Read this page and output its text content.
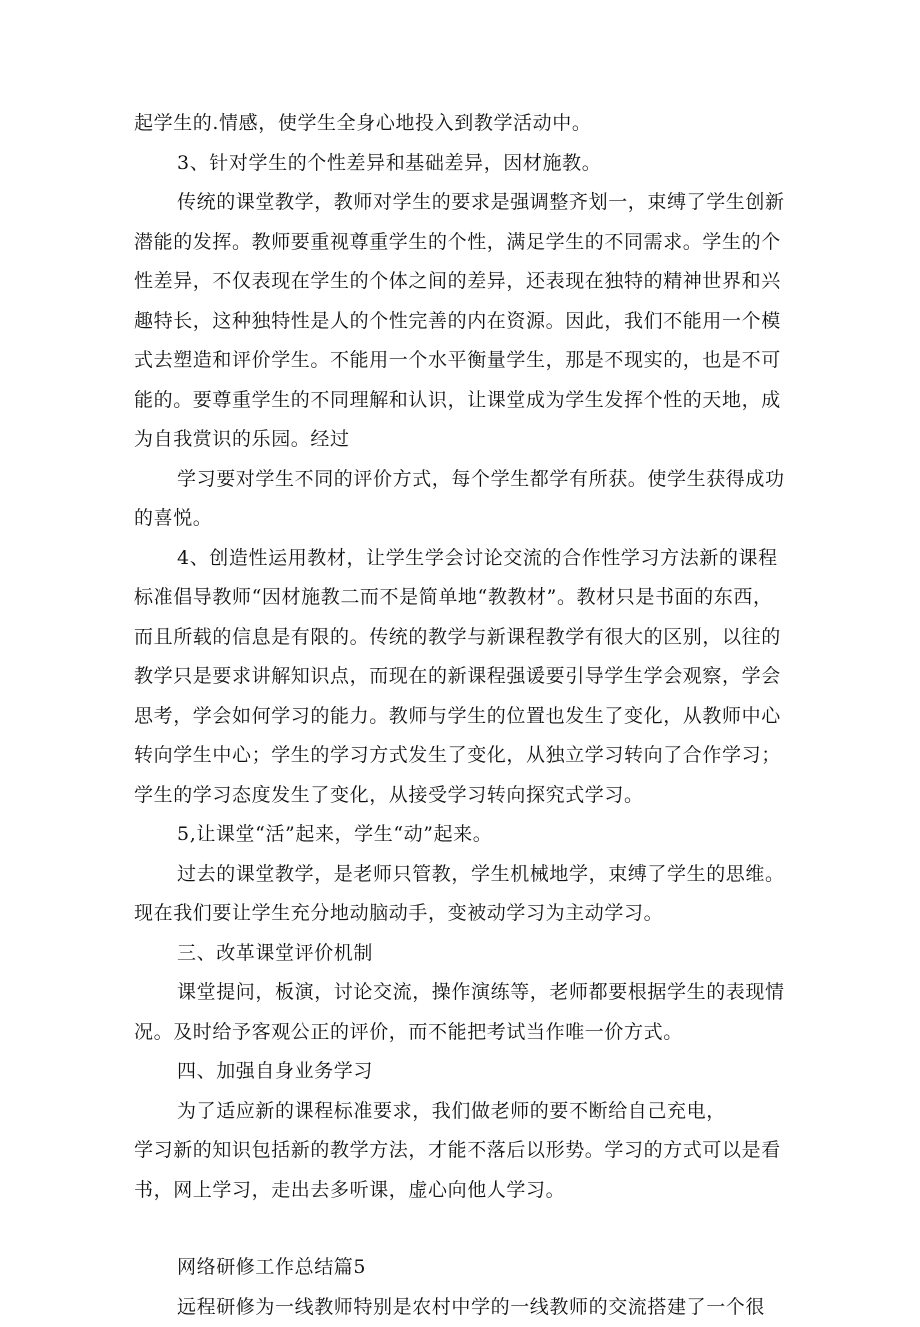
起学生的.情感，使学生全身心地投入到教学活动中。

3、针对学生的个性差异和基础差异，因材施教。

传统的课堂教学，教师对学生的要求是强调整齐划一，束缚了学生创新

潜能的发挥。教师要重视尊重学生的个性，满足学生的不同需求。学生的个

性差异，不仅表现在学生的个体之间的差异，还表现在独特的精神世界和兴

趣特长，这种独特性是人的个性完善的内在资源。因此，我们不能用一个模

式去塑造和评价学生。不能用一个水平衡量学生，那是不现实的，也是不可

能的。要尊重学生的不同理解和认识，让课堂成为学生发挥个性的天地，成

为自我赏识的乐园。经过

学习要对学生不同的评价方式，每个学生都学有所获。使学生获得成功

的喜悦。

4、创造性运用教材，让学生学会讨论交流的合作性学习方法新的课程

标准倡导教师“因材施教二而不是简单地“教教材”。教材只是书面的东西，

而且所载的信息是有限的。传统的教学与新课程教学有很大的区别，以往的

教学只是要求讲解知识点，而现在的新课程强谖要引导学生学会观察，学会

思考，学会如何学习的能力。教师与学生的位置也发生了变化，从教师中心

转向学生中心；学生的学习方式发生了变化，从独立学习转向了合作学习；

学生的学习态度发生了变化，从接受学习转向探究式学习。

5,让课堂“活”起来，学生“动”起来。

过去的课堂教学，是老师只管教，学生机械地学，束缚了学生的思维。

现在我们要让学生充分地动脑动手，变被动学习为主动学习。

三、改革课堂评价机制

课堂提问，板演，讨论交流，操作演练等，老师都要根据学生的表现情

况。及时给予客观公正的评价，而不能把考试当作唯一价方式。

四、加强自身业务学习

为了适应新的课程标准要求，我们做老师的要不断给自己充电，

学习新的知识包括新的教学方法，才能不落后以形势。学习的方式可以是看

书，网上学习，走出去多听课，虚心向他人学习。

网络研修工作总结篇5

远程研修为一线教师特别是农村中学的一线教师的交流搭建了一个很
